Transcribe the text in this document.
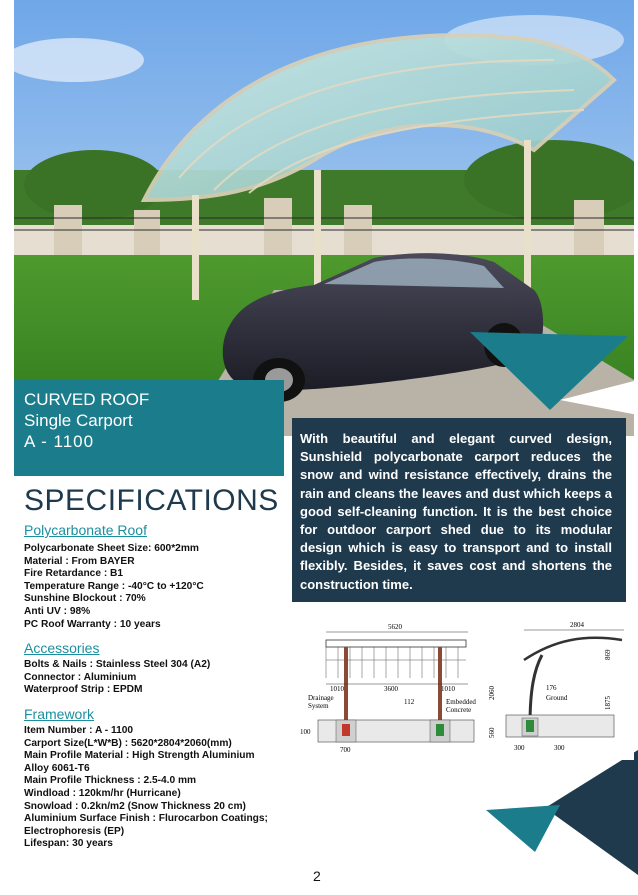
CURVED ROOF
Single Carport
A - 1100	With beautiful and elegant curved design, Sunshield polycarbonate carport reduces the snow and wind resistance effectively, drains the rain and cleans the leaves and dust which keeps a good self-cleaning function. It is the best choice for outdoor carport shed due to its modular design which is easy to transport and to install flexibly. Besides, it saves cost and shortens the construction time.
SPECIFICATIONS
Polycarbonate Roof
Polycarbonate Sheet Size: 600*2mm
Material : From BAYER
Fire Retardance : B1
Temperature Range : -40°C to +120°C
Sunshine Blockout : 70%
Anti UV : 98%
PC Roof Warranty : 10 years
Accessories
Bolts & Nails : Stainless Steel 304 (A2)
Connector : Aluminium
Waterproof Strip : EPDM
Framework
Item Number : A - 1100
Carport Size(L*W*B) : 5620*2804*2060(mm)
Main Profile Material : High Strength Aluminium
Alloy 6061-T6
Main Profile Thickness : 2.5-4.0 mm
Windload : 120km/hr (Hurricane)
Snowload : 0.2kn/m2 (Snow Thickness 20 cm)
Aluminium Surface Finish : Flurocarbon Coatings;
Electrophoresis (EP)
Lifespan: 30 years
5620
1010	3600	1010
Drainage
System	112	Embedded
Concrete
100
700
2804
869
1875
2060	176
Ground
560
300	300
2
